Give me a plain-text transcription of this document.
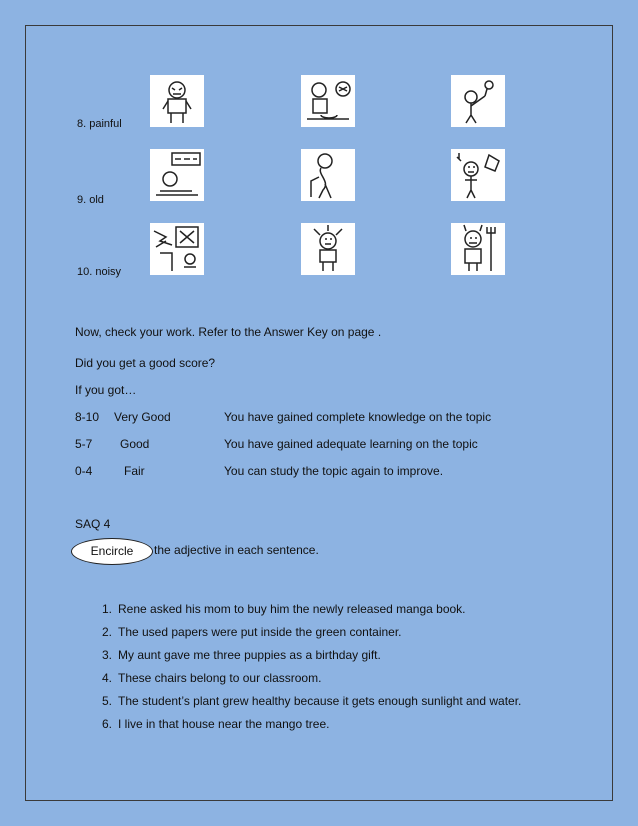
8. painful
9. old
10. noisy
Now, check your work. Refer to the Answer Key on page .
Did you get a good score?
If you got…
8-10 Very Good	You have gained complete knowledge on the topic
5-7 Good	You have gained adequate learning on the topic
0-4	Fair	You can study the topic again to improve.
SAQ 4
Encircle	the adjective in each sentence.
1. Rene asked his mom to buy him the newly released manga book.
2. The used papers were put inside the green container.
3. My aunt gave me three puppies as a birthday gift.
4. These chairs belong to our classroom.
5. The student’s plant grew healthy because it gets enough sunlight and water.
6. I live in that house near the mango tree.
